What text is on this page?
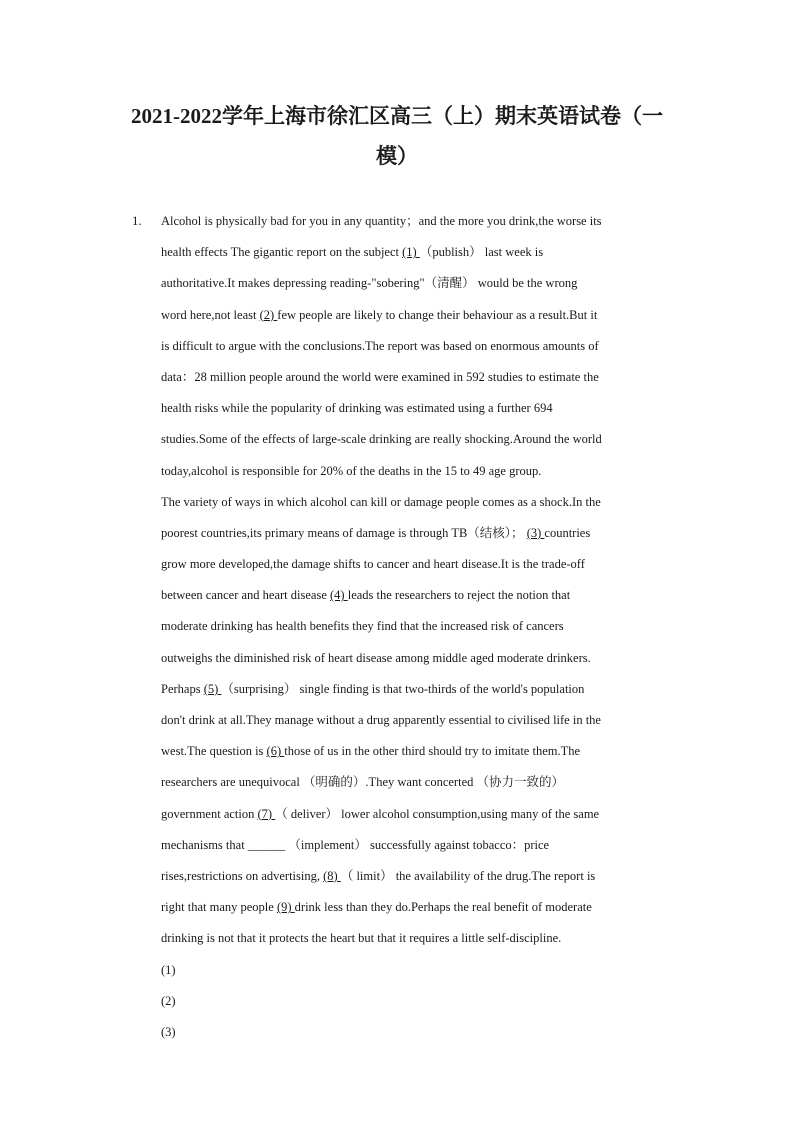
2021-2022学年上海市徐汇区高三（上）期末英语试卷（一
模）
1. Alcohol is physically bad for you in any quantity；and the more you drink,the worse its
health effects The gigantic report on the subject (1) （publish） last week is
authoritative.It makes depressing reading-"sobering"（清醒） would be the wrong
word here,not least (2) few people are likely to change their behaviour as a result.But it
is difficult to argue with the conclusions.The report was based on enormous amounts of
data：28 million people around the world were examined in 592 studies to estimate the
health risks while the popularity of drinking was estimated using a further 694
studies.Some of the effects of large-scale drinking are really shocking.Around the world
today,alcohol is responsible for 20% of the deaths in the 15 to 49 age group.
The variety of ways in which alcohol can kill or damage people comes as a shock.In the
poorest countries,its primary means of damage is through TB（结核）； (3) countries
grow more developed,the damage shifts to cancer and heart disease.It is the trade-off
between cancer and heart disease (4) leads the researchers to reject the notion that
moderate drinking has health benefits they find that the increased risk of cancers
outweighs the diminished risk of heart disease among middle aged moderate drinkers.
Perhaps (5) （surprising） single finding is that two-thirds of the world's population
don't drink at all.They manage without a drug apparently essential to civilised life in the
west.The question is (6) those of us in the other third should try to imitate them.The
researchers are unequivocal （明确的）.They want concerted （协力一致的）
government action (7) （ deliver） lower alcohol consumption,using many of the same
mechanisms that ______ （implement） successfully against tobacco：price
rises,restrictions on advertising, (8) （ limit） the availability of the drug.The report is
right that many people (9) drink less than they do.Perhaps the real benefit of moderate
drinking is not that it protects the heart but that it requires a little self-discipline.
(1)
(2)
(3)
